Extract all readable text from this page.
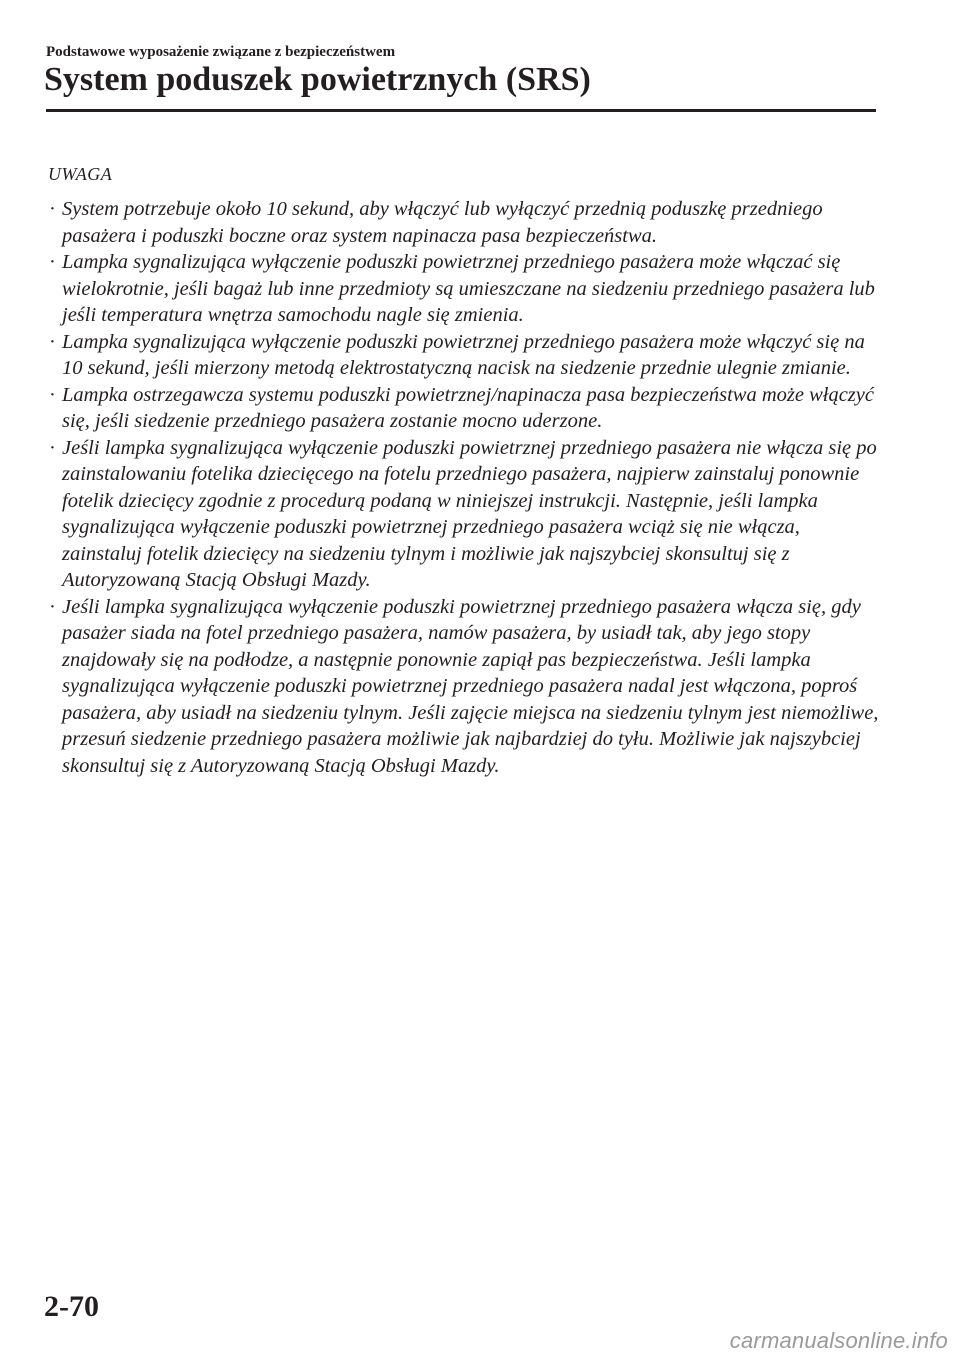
Podstawowe wyposażenie związane z bezpieczeństwem
System poduszek powietrznych (SRS)
UWAGA
· System potrzebuje około 10 sekund, aby włączyć lub wyłączyć przednią poduszkę przedniego pasażera i poduszki boczne oraz system napinacza pasa bezpieczeństwa.
· Lampka sygnalizująca wyłączenie poduszki powietrznej przedniego pasażera może włączać się wielokrotnie, jeśli bagaż lub inne przedmioty są umieszczane na siedzeniu przedniego pasażera lub jeśli temperatura wnętrza samochodu nagle się zmienia.
· Lampka sygnalizująca wyłączenie poduszki powietrznej przedniego pasażera może włączyć się na 10 sekund, jeśli mierzony metodą elektrostatyczną nacisk na siedzenie przednie ulegnie zmianie.
· Lampka ostrzegawcza systemu poduszki powietrznej/napinacza pasa bezpieczeństwa może włączyć się, jeśli siedzenie przedniego pasażera zostanie mocno uderzone.
· Jeśli lampka sygnalizująca wyłączenie poduszki powietrznej przedniego pasażera nie włącza się po zainstalowaniu fotelika dziecięcego na fotelu przedniego pasażera, najpierw zainstaluj ponownie fotelik dziecięcy zgodnie z procedurą podaną w niniejszej instrukcji. Następnie, jeśli lampka sygnalizująca wyłączenie poduszki powietrznej przedniego pasażera wciąż się nie włącza, zainstaluj fotelik dziecięcy na siedzeniu tylnym i możliwie jak najszybciej skonsultuj się z Autoryzowaną Stacją Obsługi Mazdy.
· Jeśli lampka sygnalizująca wyłączenie poduszki powietrznej przedniego pasażera włącza się, gdy pasażer siada na fotel przedniego pasażera, namów pasażera, by usiadł tak, aby jego stopy znajdowały się na podłodze, a następnie ponownie zapiął pas bezpieczeństwa. Jeśli lampka sygnalizująca wyłączenie poduszki powietrznej przedniego pasażera nadal jest włączona, poproś pasażera, aby usiadł na siedzeniu tylnym. Jeśli zajęcie miejsca na siedzeniu tylnym jest niemożliwe, przesuń siedzenie przedniego pasażera możliwie jak najbardziej do tyłu. Możliwie jak najszybciej skonsultuj się z Autoryzowaną Stacją Obsługi Mazdy.
2-70
carmanualsonline.info
